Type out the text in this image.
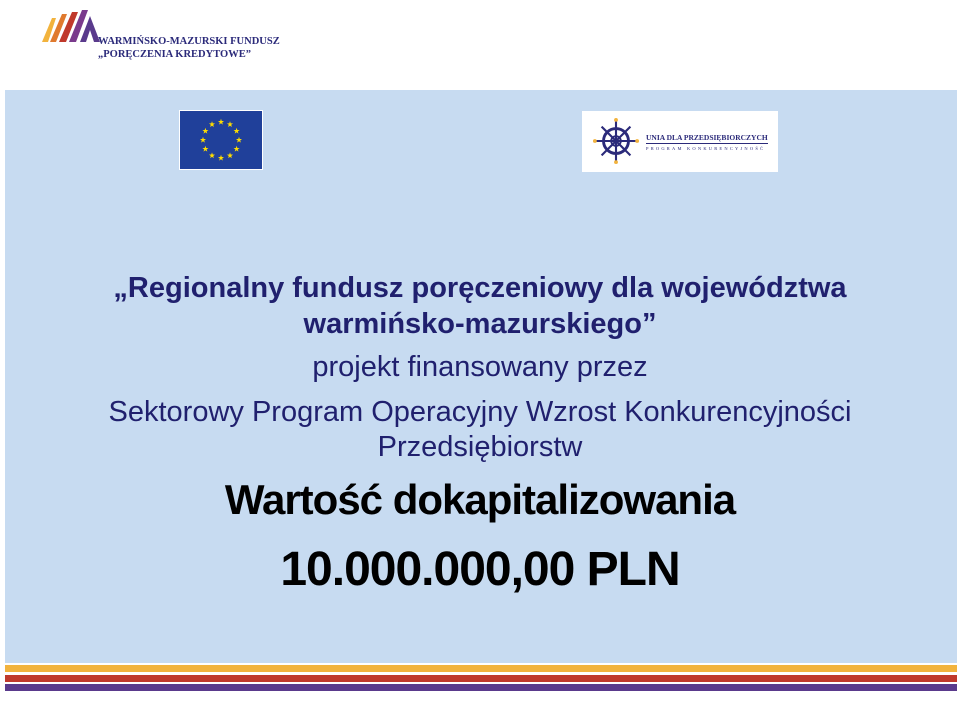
WARMIŃSKO-MAZURSKI FUNDUSZ
„PORĘCZENIA KREDYTOWE”
UNIA DLA PRZEDSIĘBIORCZYCH
PROGRAM KONKURENCYJNOŚĆ
„Regionalny fundusz poręczeniowy dla województwa
warmińsko-mazurskiego”
projekt finansowany przez
Sektorowy Program Operacyjny Wzrost Konkurencyjności
Przedsiębiorstw
Wartość dokapitalizowania
10.000.000,00 PLN
